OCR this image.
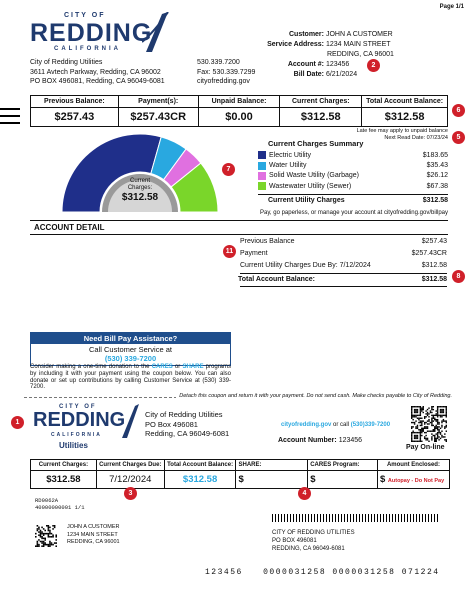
Page 1/1
CITY OF
REDDING
CALIFORNIA
Customer: JOHN A CUSTOMER
Service Address: 1234 MAIN STREET
REDDING, CA 96001
Account #: 123456
Bill Date: 6/21/2024
2
City of Redding Utilities
3611 Avtech Parkway, Redding, CA 96002
PO BOX 496081, Redding, CA 96049-6081
530.339.7200
Fax: 530.339.7299
cityofredding.gov
Previous Balance:	Payment(s):	Unpaid Balance:	Current Charges:	Total Account Balance:
$257.43	$257.43CR	$0.00	$312.58	$312.58
6
Late fee may apply to unpaid balance
Next Read Date: 07/23/24	5
Current Charges:
$312.58
7
Current Charges Summary
Electric Utility	$183.65
Water Utility	$35.43
Solid Waste Utility (Garbage)	$26.12
Wastewater Utility (Sewer)	$67.38
Current Utility Charges	$312.58
Pay, go paperless, or manage your account at cityofredding.gov/billpay
ACCOUNT DETAIL
Previous Balance	$257.43
Payment	$257.43CR
Current Utility Charges Due By: 7/12/2024	$312.58
Total Account Balance:	$312.58
11
8
Need Bill Pay Assistance?
Call Customer Service at
(530) 339-7200
Consider making a one-time donation to the CARES or SHARE programs by including it with your payment using the coupon below. You can also donate or set up contributions by calling Customer Service at (530) 339-7200.
Detach this coupon and return it with your payment. Do not send cash. Make checks payable to City of Redding.
1
CITY OF
REDDING
CALIFORNIA
Utilities
City of Redding Utilities
PO Box 496081
Redding, CA 96049-6081
cityofredding.gov or call (530)339-7200
Account Number: 123456
Pay On-line
Current Charges:	Current Charges Due:	Total Account Balance:	SHARE:	CARES Program:	Amount Enclosed:
$312.58	7/12/2024	$312.58	$	$	$ Autopay - Do Not Pay
3	4
RD0062A
40000000001 1/1
JOHN A CUSTOMER
1234 MAIN STREET
REDDING, CA 96001
CITY OF REDDING UTILITIES
PO BOX 496081
REDDING, CA 96049-6081
123456	0000031258 0000031258 071224
